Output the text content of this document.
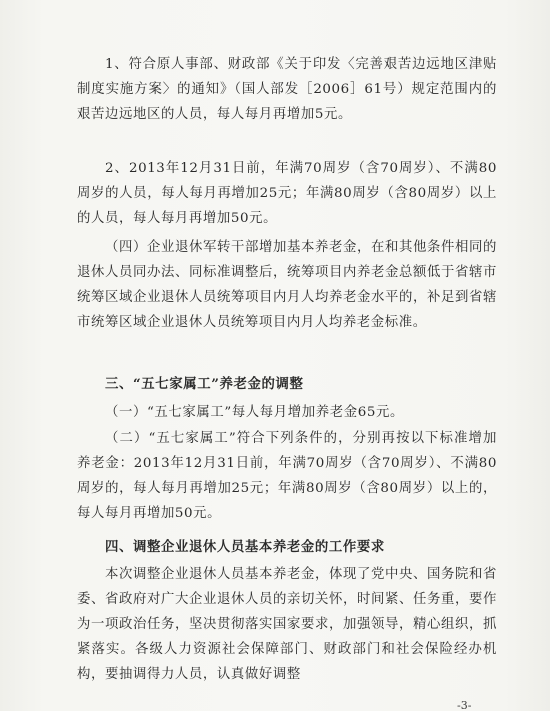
1、符合原人事部、财政部《关于印发〈完善艰苦边远地区津贴制度实施方案〉的通知》（国人部发［2006］61号）规定范围内的艰苦边远地区的人员，每人每月再增加5元。

2、2013年12月31日前，年满70周岁（含70周岁）、不满80周岁的人员，每人每月再增加25元；年满80周岁（含80周岁）以上的人员，每人每月再增加50元。

（四）企业退休军转干部增加基本养老金，在和其他条件相同的退休人员同办法、同标准调整后，统筹项目内养老金总额低于省辖市统筹区域企业退休人员统筹项目内月人均养老金水平的，补足到省辖市统筹区域企业退休人员统筹项目内月人均养老金标准。

三、“五七家属工”养老金的调整

（一）“五七家属工”每人每月增加养老金65元。

（二）“五七家属工”符合下列条件的，分别再按以下标准增加养老金：2013年12月31日前，年满70周岁（含70周岁）、不满80周岁的，每人每月再增加25元；年满80周岁（含80周岁）以上的，每人每月再增加50元。

四、调整企业退休人员基本养老金的工作要求

本次调整企业退休人员基本养老金，体现了党中央、国务院和省委、省政府对广大企业退休人员的亲切关怀，时间紧、任务重，要作为一项政治任务，坚决贯彻落实国家要求，加强领导，精心组织，抓紧落实。各级人力资源社会保障部门、财政部门和社会保险经办机构，要抽调得力人员，认真做好调整

-3-
